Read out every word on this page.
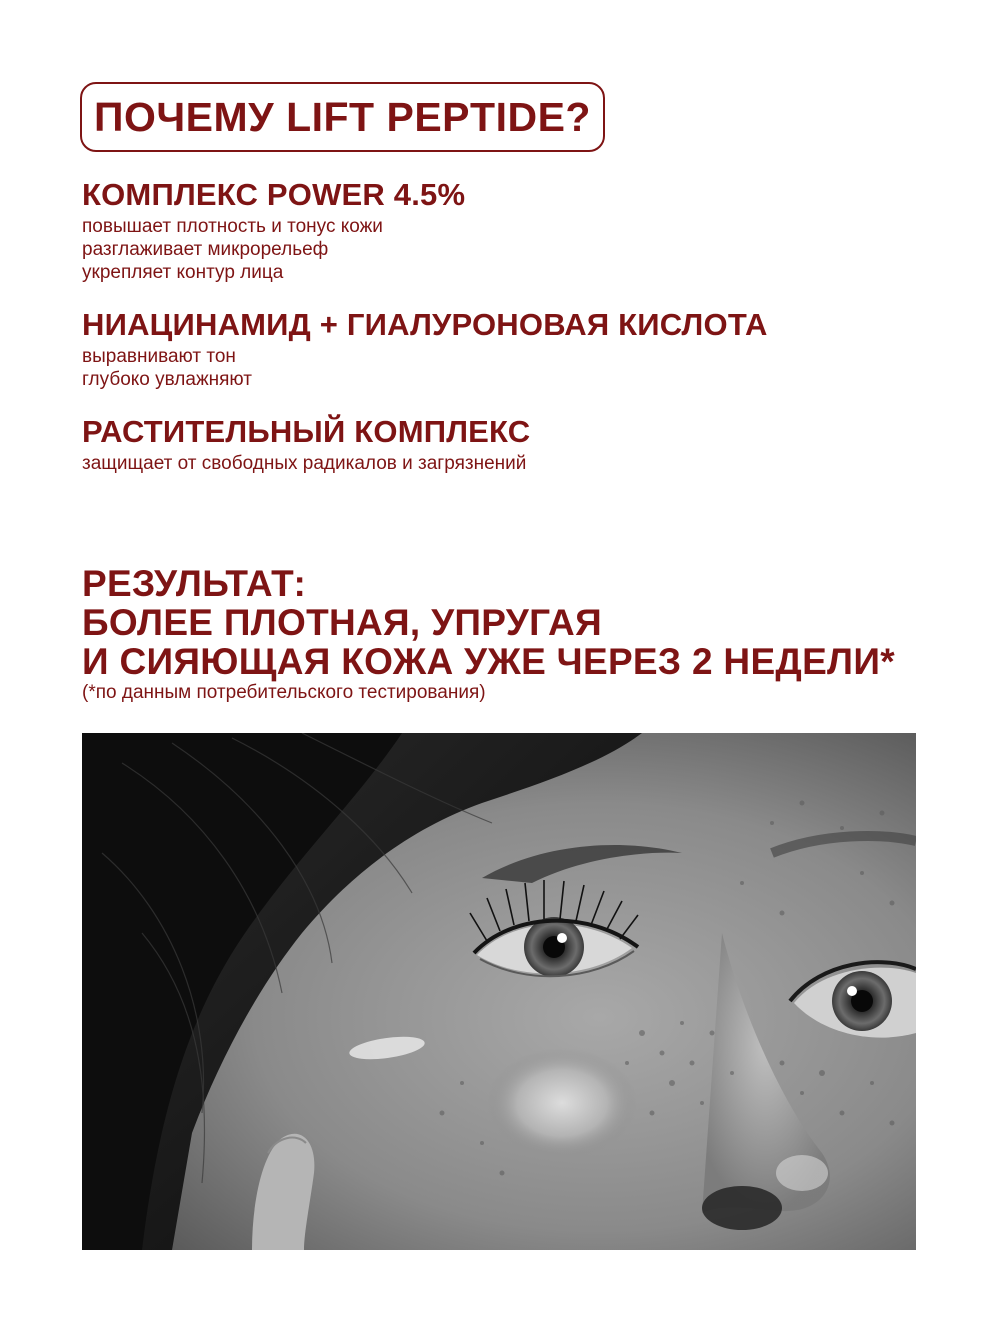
ПОЧЕМУ LIFT PEPTIDE?
КОМПЛЕКС POWER 4.5%
повышает плотность и тонус кожи
разглаживает микрорельеф
укрепляет контур лица
НИАЦИНАМИД + ГИАЛУРОНОВАЯ КИСЛОТА
выравнивают тон
глубоко увлажняют
РАСТИТЕЛЬНЫЙ КОМПЛЕКС
защищает от свободных радикалов и загрязнений
РЕЗУЛЬТАТ:
БОЛЕЕ ПЛОТНАЯ, УПРУГАЯ
И СИЯЮЩАЯ КОЖА УЖЕ ЧЕРЕЗ 2 НЕДЕЛИ*
(*по данным потребительского тестирования)
